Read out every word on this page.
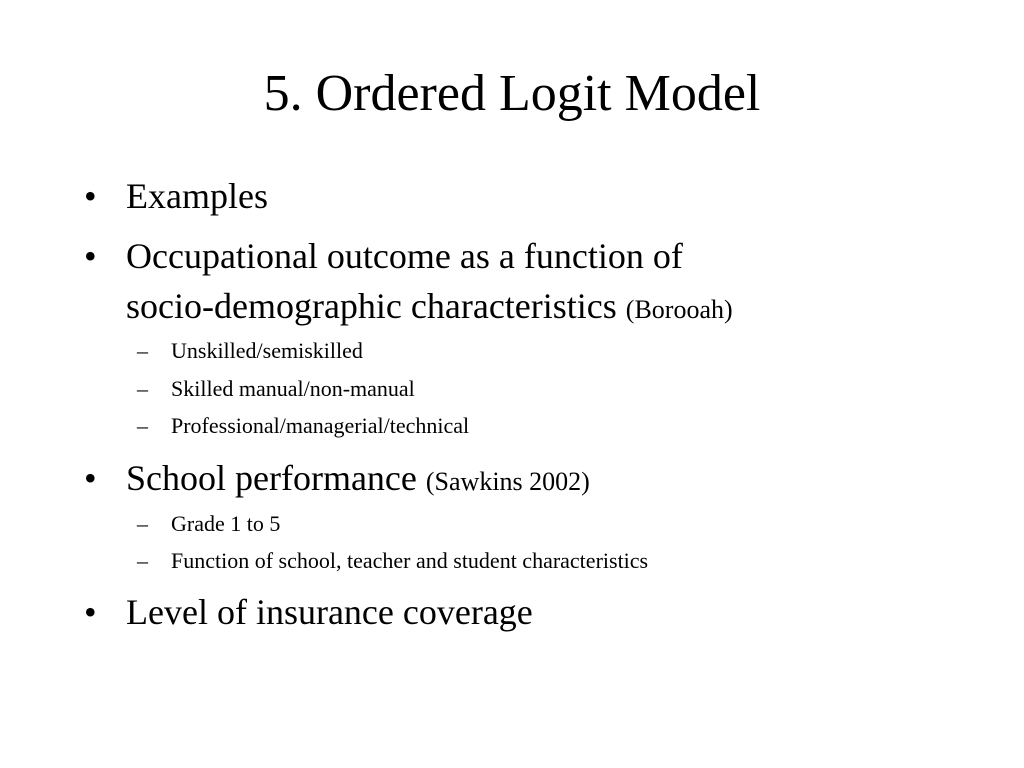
5. Ordered Logit Model
• Examples
• Occupational outcome as a function of
socio-demographic characteristics (Borooah)
– Unskilled/semiskilled
– Skilled manual/non-manual
– Professional/managerial/technical
• School performance (Sawkins 2002)
– Grade 1 to 5
– Function of school, teacher and student characteristics
• Level of insurance coverage
